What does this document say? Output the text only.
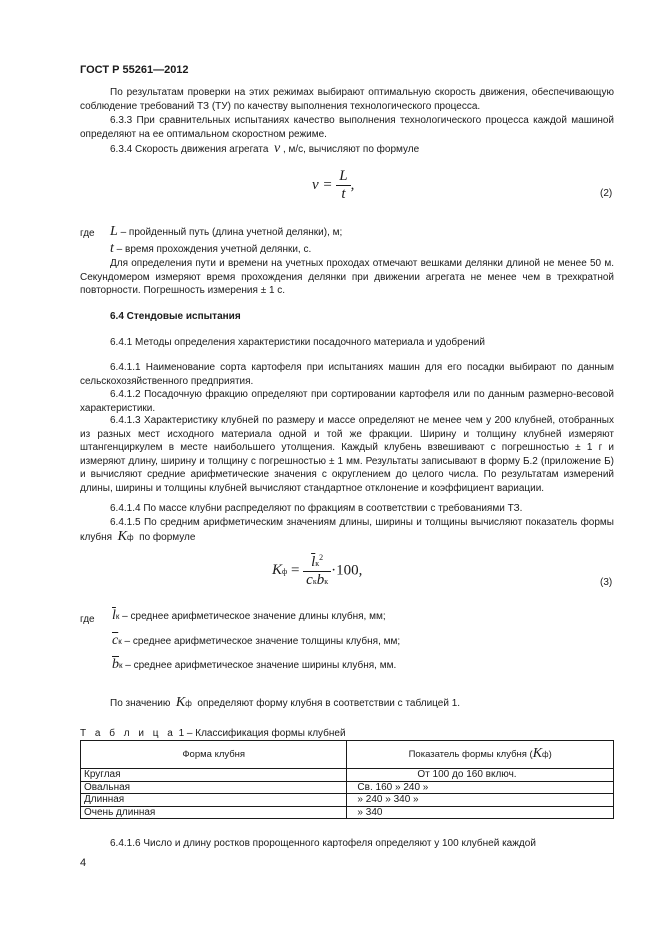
ГОСТ Р 55261—2012

По результатам проверки на этих режимах выбирают оптимальную скорость движения, обеспечивающую соблюдение требований ТЗ (ТУ) по качеству выполнения технологического процесса.

6.3.3 При сравнительных испытаниях качество выполнения технологического процесса каждой машиной определяют на ее оптимальном скоростном режиме.

6.3.4 Скорость движения агрегата ν , м/с, вычисляют по формуле

$\nu = \frac{L}{t}$ ,
(2)
где L – пройденный путь (длина учетной делянки), м;
t – время прохождения учетной делянки, с.

Для определения пути и времени на учетных проходах отмечают вешками делянки длиной не менее 50 м. Секундомером измеряют время прохождения делянки при движении агрегата не менее чем в трехкратной повторности. Погрешность измерения ± 1 с.

6.4 Стендовые испытания

6.4.1 Методы определения характеристики посадочного материала и удобрений

6.4.1.1 Наименование сорта картофеля при испытаниях машин для его посадки выбирают по данным сельскохозяйственного предприятия.

6.4.1.2 Посадочную фракцию определяют при сортировании картофеля или по данным размерно-весовой характеристики.

6.4.1.3 Характеристику клубней по размеру и массе определяют не менее чем у 200 клубней, отобранных из разных мест исходного материала одной и той же фракции. Ширину и толщину клубней измеряют штангенциркулем в месте наибольшего утолщения. Каждый клубень взвешивают с погрешностью ± 1 г и измеряют длину, ширину и толщину с погрешностью ± 1 мм. Результаты записывают в форму Б.2 (приложение Б) и вычисляют средние арифметические значения с округлением до целого числа. По результатам измерений длины, ширины и толщины клубней вычисляют стандартное отклонение и коэффициент вариации.

6.4.1.4 По массе клубни распределяют по фракциям в соответствии с требованиями ТЗ.

6.4.1.5 По средним арифметическим значениям длины, ширины и толщины вычисляют показатель формы клубня Kф по формуле

Kф = $\frac{\overline{l}к^2}{\overline{c}к\overline{b}к} \cdot 100$,
(3)
где $\overline{l}к$ – среднее арифметическое значение длины клубня, мм;
$\overline{c}к$ – среднее арифметическое значение толщины клубня, мм;
$\overline{b}к$ – среднее арифметическое значение ширины клубня, мм.
По значению Kф определяют форму клубня в соответствии с таблицей 1.
Т а б л и ц а 1 – Классификация формы клубней
Форма клубня	Показатель формы клубня (Kф)
Круглая	От 100 до 160 включ.
Овальная	Св. 160 » 240 »
Длинная	» 240 » 340 »
Очень длинная	» 340

6.4.1.6 Число и длину ростков пророщенного картофеля определяют у 100 клубней каждой

4
